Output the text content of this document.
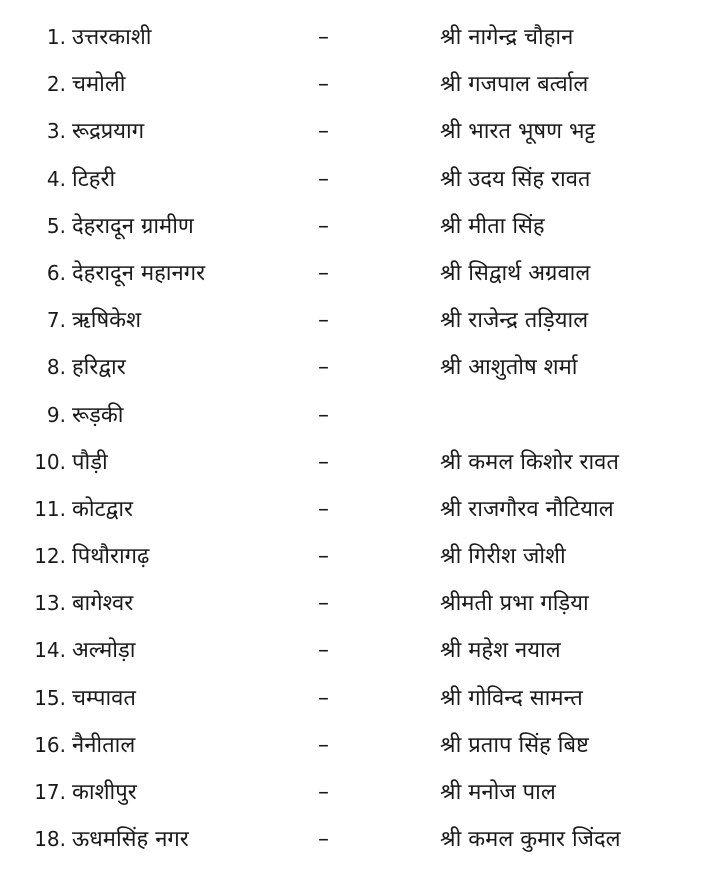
1. उत्तरकाशी	–	श्री नागेन्द्र चौहान
2. चमोली	–	श्री गजपाल बर्त्वाल
3. रूद्रप्रयाग	–	श्री भारत भूषण भट्ट
4. टिहरी	–	श्री उदय सिंह रावत
5. देहरादून ग्रामीण	–	श्री मीता सिंह
6. देहरादून महानगर	–	श्री सिद्वार्थ अग्रवाल
7. ऋषिकेश	–	श्री राजेन्द्र तड़ियाल
8. हरिद्वार	–	श्री आशुतोष शर्मा
9. रूड़की	–
10. पौड़ी	–	श्री कमल किशोर रावत
11. कोटद्वार	–	श्री राजगौरव नौटियाल
12. पिथौरागढ़	–	श्री गिरीश जोशी
13. बागेश्वर	–	श्रीमती प्रभा गड़िया
14. अल्मोड़ा	–	श्री महेश नयाल
15. चम्पावत	–	श्री गोविन्द सामन्त
16. नैनीताल	–	श्री प्रताप सिंह बिष्ट
17. काशीपुर	–	श्री मनोज पाल
18. ऊधमसिंह नगर	–	श्री कमल कुमार जिंदल
